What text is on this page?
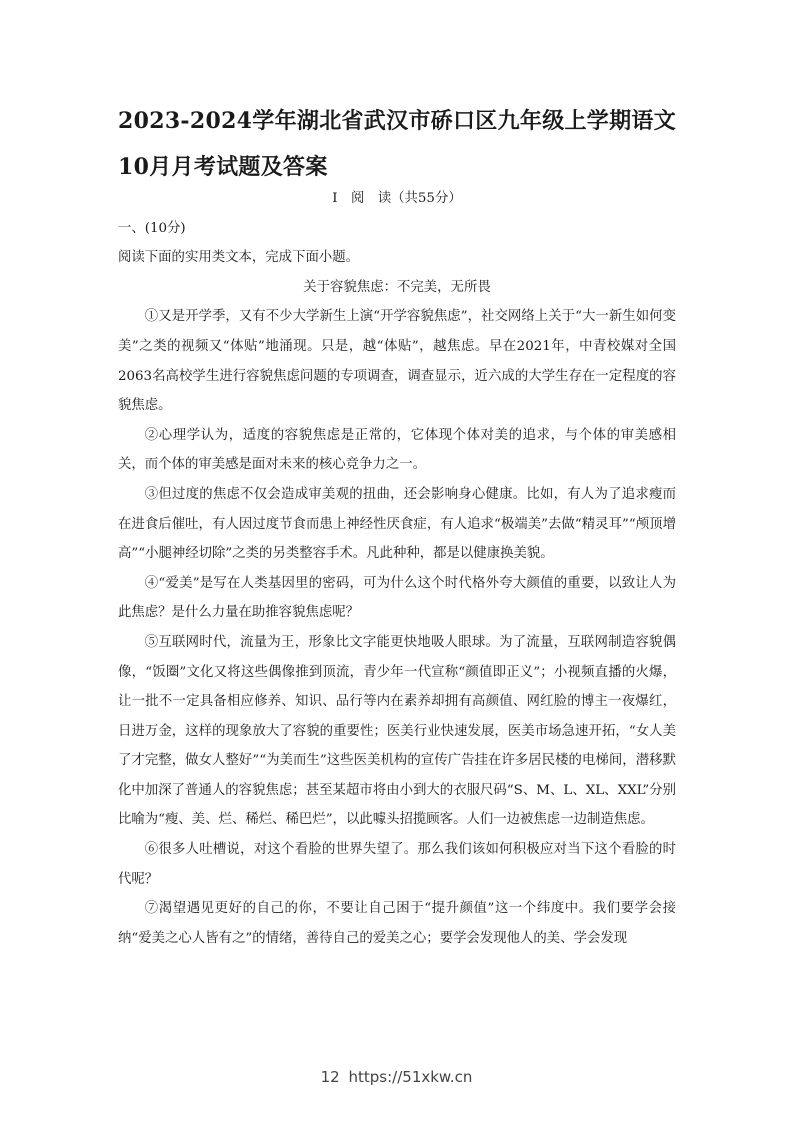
2023-2024学年湖北省武汉市硚口区九年级上学期语文10月月考试题及答案

I　阅　读（共55分）

一、(10分)

阅读下面的实用类文本，完成下面小题。

关于容貌焦虑：不完美，无所畏

①又是开学季，又有不少大学新生上演“开学容貌焦虑”，社交网络上关于“大一新生如何变美”之类的视频又“体贴”地涌现。只是，越“体贴”，越焦虑。早在2021年，中青校媒对全国2063名高校学生进行容貌焦虑问题的专项调查，调查显示，近六成的大学生存在一定程度的容貌焦虑。

②心理学认为，适度的容貌焦虑是正常的，它体现个体对美的追求，与个体的审美感相关，而个体的审美感是面对未来的核心竞争力之一。

③但过度的焦虑不仅会造成审美观的扭曲，还会影响身心健康。比如，有人为了追求瘦而在进食后催吐，有人因过度节食而患上神经性厌食症，有人追求“极端美”去做“精灵耳”“颅顶增高”“小腿神经切除”之类的另类整容手术。凡此种种，都是以健康换美貌。

④“爱美”是写在人类基因里的密码，可为什么这个时代格外夸大颜值的重要，以致让人为此焦虑？是什么力量在助推容貌焦虑呢？

⑤互联网时代，流量为王，形象比文字能更快地吸人眼球。为了流量，互联网制造容貌偶像，“饭圈”文化又将这些偶像推到顶流，青少年一代宣称“颜值即正义”；小视频直播的火爆，让一批不一定具备相应修养、知识、品行等内在素养却拥有高颜值、网红脸的博主一夜爆红，日进万金，这样的现象放大了容貌的重要性；医美行业快速发展，医美市场急速开拓，“女人美了才完整，做女人整好”“为美而生”这些医美机构的宣传广告挂在许多居民楼的电梯间，潜移默化中加深了普通人的容貌焦虑；甚至某超市将由小到大的衣服尺码“S、M、L、XL、XXL”分别比喻为“瘦、美、烂、稀烂、稀巴烂”，以此噱头招揽顾客。人们一边被焦虑一边制造焦虑。

⑥很多人吐槽说，对这个看脸的世界失望了。那么我们该如何积极应对当下这个看脸的时代呢？

⑦渴望遇见更好的自己的你，不要让自己困于“提升颜值”这一个纬度中。我们要学会接纳“爱美之心人皆有之”的情绪，善待自己的爱美之心；要学会发现他人的美、学会发现

12 https://51xkw.cn
